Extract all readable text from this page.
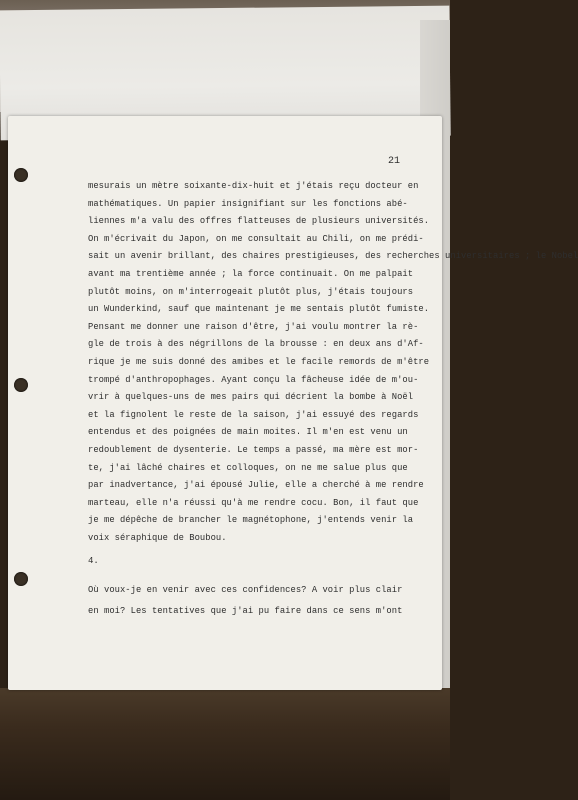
21
mesurais un mètre soixante-dix-huit et j'étais reçu docteur en
mathématiques. Un papier insignifiant sur les fonctions abé-
liennes m'a valu des offres flatteuses de plusieurs universités.
On m'écrivait du Japon, on me consultait au Chili, on me prédi-
sait un avenir brillant, des chaires prestigieuses, des recherches universitaires ; le Nobel
avant ma trentième année ; la force continuait. On me palpait
plutôt moins, on m'interrogeait plutôt plus, j'étais toujours
un Wunderkind, sauf que maintenant je me sentais plutôt fumiste.
Pensant me donner une raison d'être, j'ai voulu montrer la rè-
gle de trois à des négrillons de la brousse : en deux ans d'Af-
rique je me suis donné des amibes et le facile remords de m'être
trompé d'anthropophages. Ayant conçu la fâcheuse idée de m'ou-
vrir à quelques-uns de mes pairs qui décrient la bombe à Noël
et la fignolent le reste de la saison, j'ai essuyé des regards
entendus et des poignées de main moites. Il m'en est venu un
redoublement de dysenterie. Le temps a passé, ma mère est mor-
te, j'ai lâché chaires et colloques, on ne me salue plus que
par inadvertance, j'ai épousé Julie, elle a cherché à me rendre
marteau, elle n'a réussi qu'à me rendre cocu. Bon, il faut que
je me dépêche de brancher le magnétophone, j'entends venir la
voix séraphique de Boubou.
4.
Où voux-je en venir avec ces confidences? A voir plus clair
en moi? Les tentatives que j'ai pu faire dans ce sens m'ont
